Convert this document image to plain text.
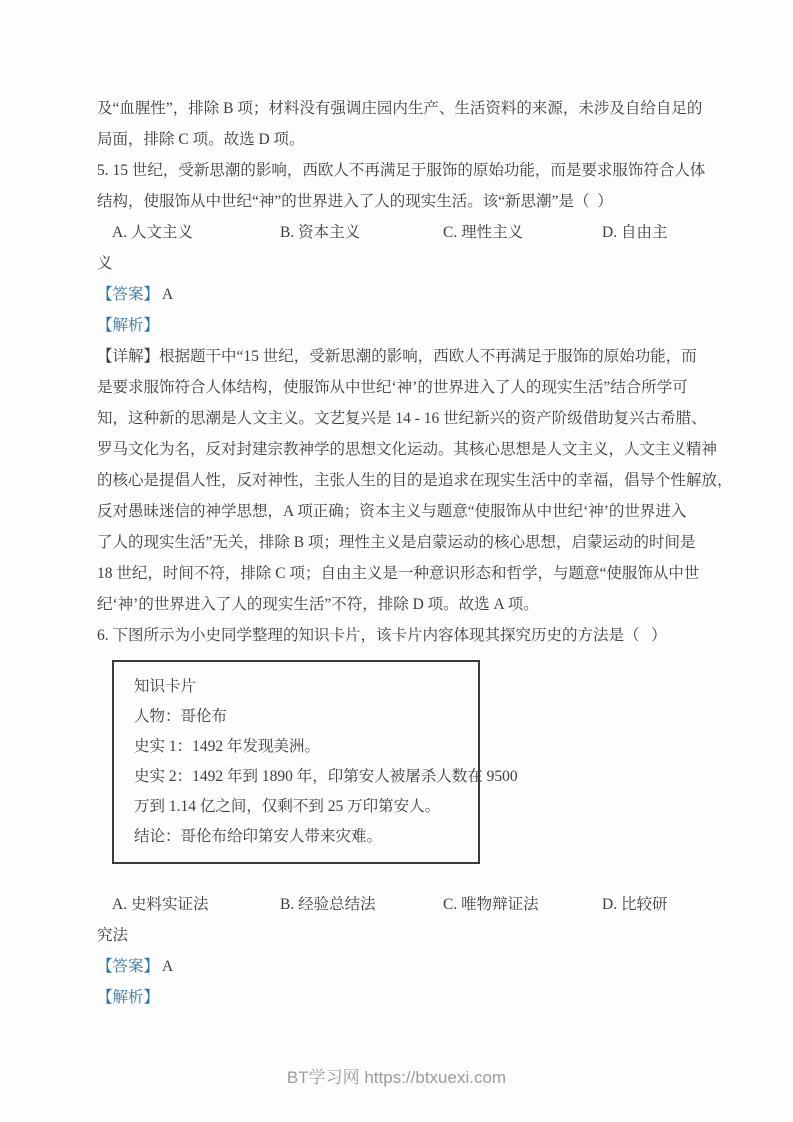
及“血腥性”，排除 B 项；材料没有强调庄园内生产、生活资料的来源，未涉及自给自足的

局面，排除 C 项。故选 D 项。

5. 15 世纪，受新思潮的影响，西欧人不再满足于服饰的原始功能，而是要求服饰符合人体

结构，使服饰从中世纪“神”的世界进入了人的现实生活。该“新思潮”是（  ）

A. 人文主义

	B. 资本主义

	C. 理性主义

	D. 自由主

义

【答案】 A

【解析】

【详解】根据题干中“15 世纪，受新思潮的影响，西欧人不再满足于服饰的原始功能，而

是要求服饰符合人体结构，使服饰从中世纪‘神’的世界进入了人的现实生活”结合所学可

知，这种新的思潮是人文主义。文艺复兴是 14 - 16 世纪新兴的资产阶级借助复兴古希腊、

罗马文化为名，反对封建宗教神学的思想文化运动。其核心思想是人文主义，人文主义精神

的核心是提倡人性，反对神性，主张人生的目的是追求在现实生活中的幸福，倡导个性解放，

反对愚昧迷信的神学思想，A 项正确；资本主义与题意“使服饰从中世纪‘神’的世界进入

了人的现实生活”无关，排除 B 项；理性主义是启蒙运动的核心思想，启蒙运动的时间是

18 世纪，时间不符，排除 C 项；自由主义是一种意识形态和哲学，与题意“使服饰从中世

纪‘神’的世界进入了人的现实生活”不符，排除 D 项。故选 A 项。

6. 下图所示为小史同学整理的知识卡片，该卡片内容体现其探究历史的方法是（   ）

知识卡片

人物：哥伦布

史实 1：1492 年发现美洲。

史实 2：1492 年到 1890 年，印第安人被屠杀人数在 9500

万到 1.14 亿之间，仅剩不到 25 万印第安人。

结论：哥伦布给印第安人带来灾难。

A. 史料实证法

	B. 经验总结法

	C. 唯物辩证法

	D. 比较研

究法

【答案】 A

【解析】

BT学习网 https://btxuexi.com
